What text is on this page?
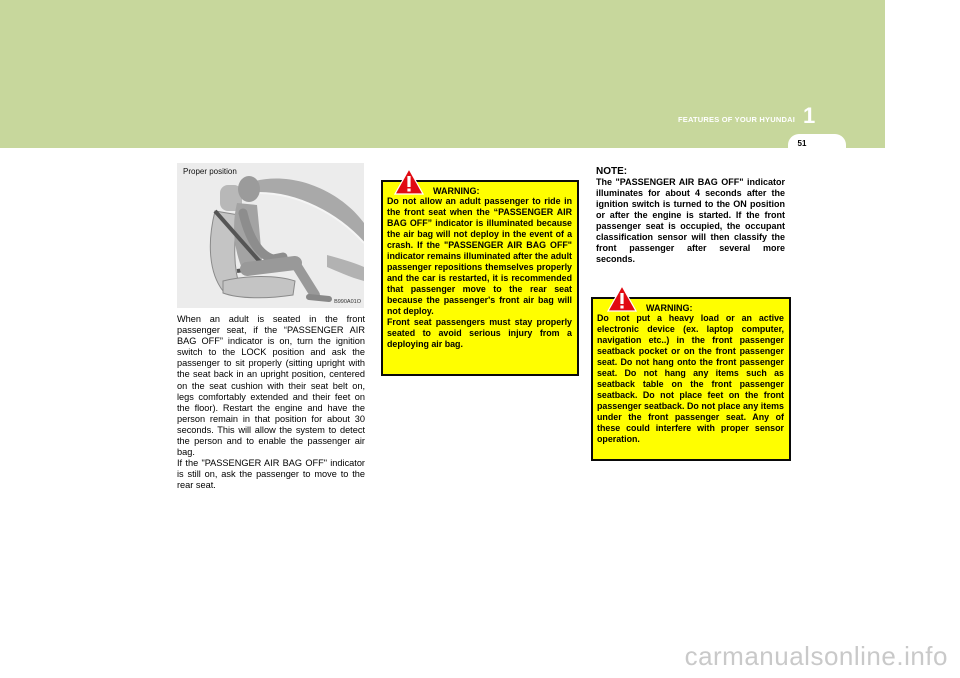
FEATURES OF YOUR HYUNDAI 1
51
Proper position
B990A01O

When an adult is seated in the front passenger seat, if the “PASSENGER AIR BAG OFF” indicator is on, turn the ignition switch to the LOCK position and ask the passenger to sit properly (sitting upright with the seat back in an upright position, centered on the seat cushion with their seat belt on, legs comfortably extended and their feet on the floor). Restart the engine and have the person remain in that position for about 30 seconds. This will allow the system to detect the person and to enable the passenger air bag.

If the "PASSENGER AIR BAG OFF" indicator is still on, ask the passenger to move to the rear seat.

WARNING:

Do not allow an adult passenger to ride in the front seat when the “PASSENGER AIR BAG OFF” indicator is illuminated because the air bag will not deploy in the event of a crash. If the "PASSENGER AIR BAG OFF" indicator remains illuminated after the adult passenger repositions themselves properly and the car is restarted, it is recommended that passenger move to the rear seat because the passenger's front air bag will not deploy.

Front seat passengers must stay properly seated to avoid serious injury from a deploying air bag.

NOTE:
The "PASSENGER AIR BAG OFF" indicator illuminates for about 4 seconds after the ignition switch is turned to the ON position or after the engine is started. If the front passenger seat is occupied, the occupant classification sensor will then classify the front passenger after several more seconds.
WARNING:

Do not put a heavy load or an active electronic device (ex. laptop computer, navigation etc..) in the front passenger seatback pocket or on the front passenger seat. Do not hang onto the front passenger seat. Do not hang any items such as seatback table on the front passenger seatback. Do not place feet on the front passenger seatback. Do not place any items under the front passenger seat. Any of these could interfere with proper sensor operation.

carmanualsonline.info
